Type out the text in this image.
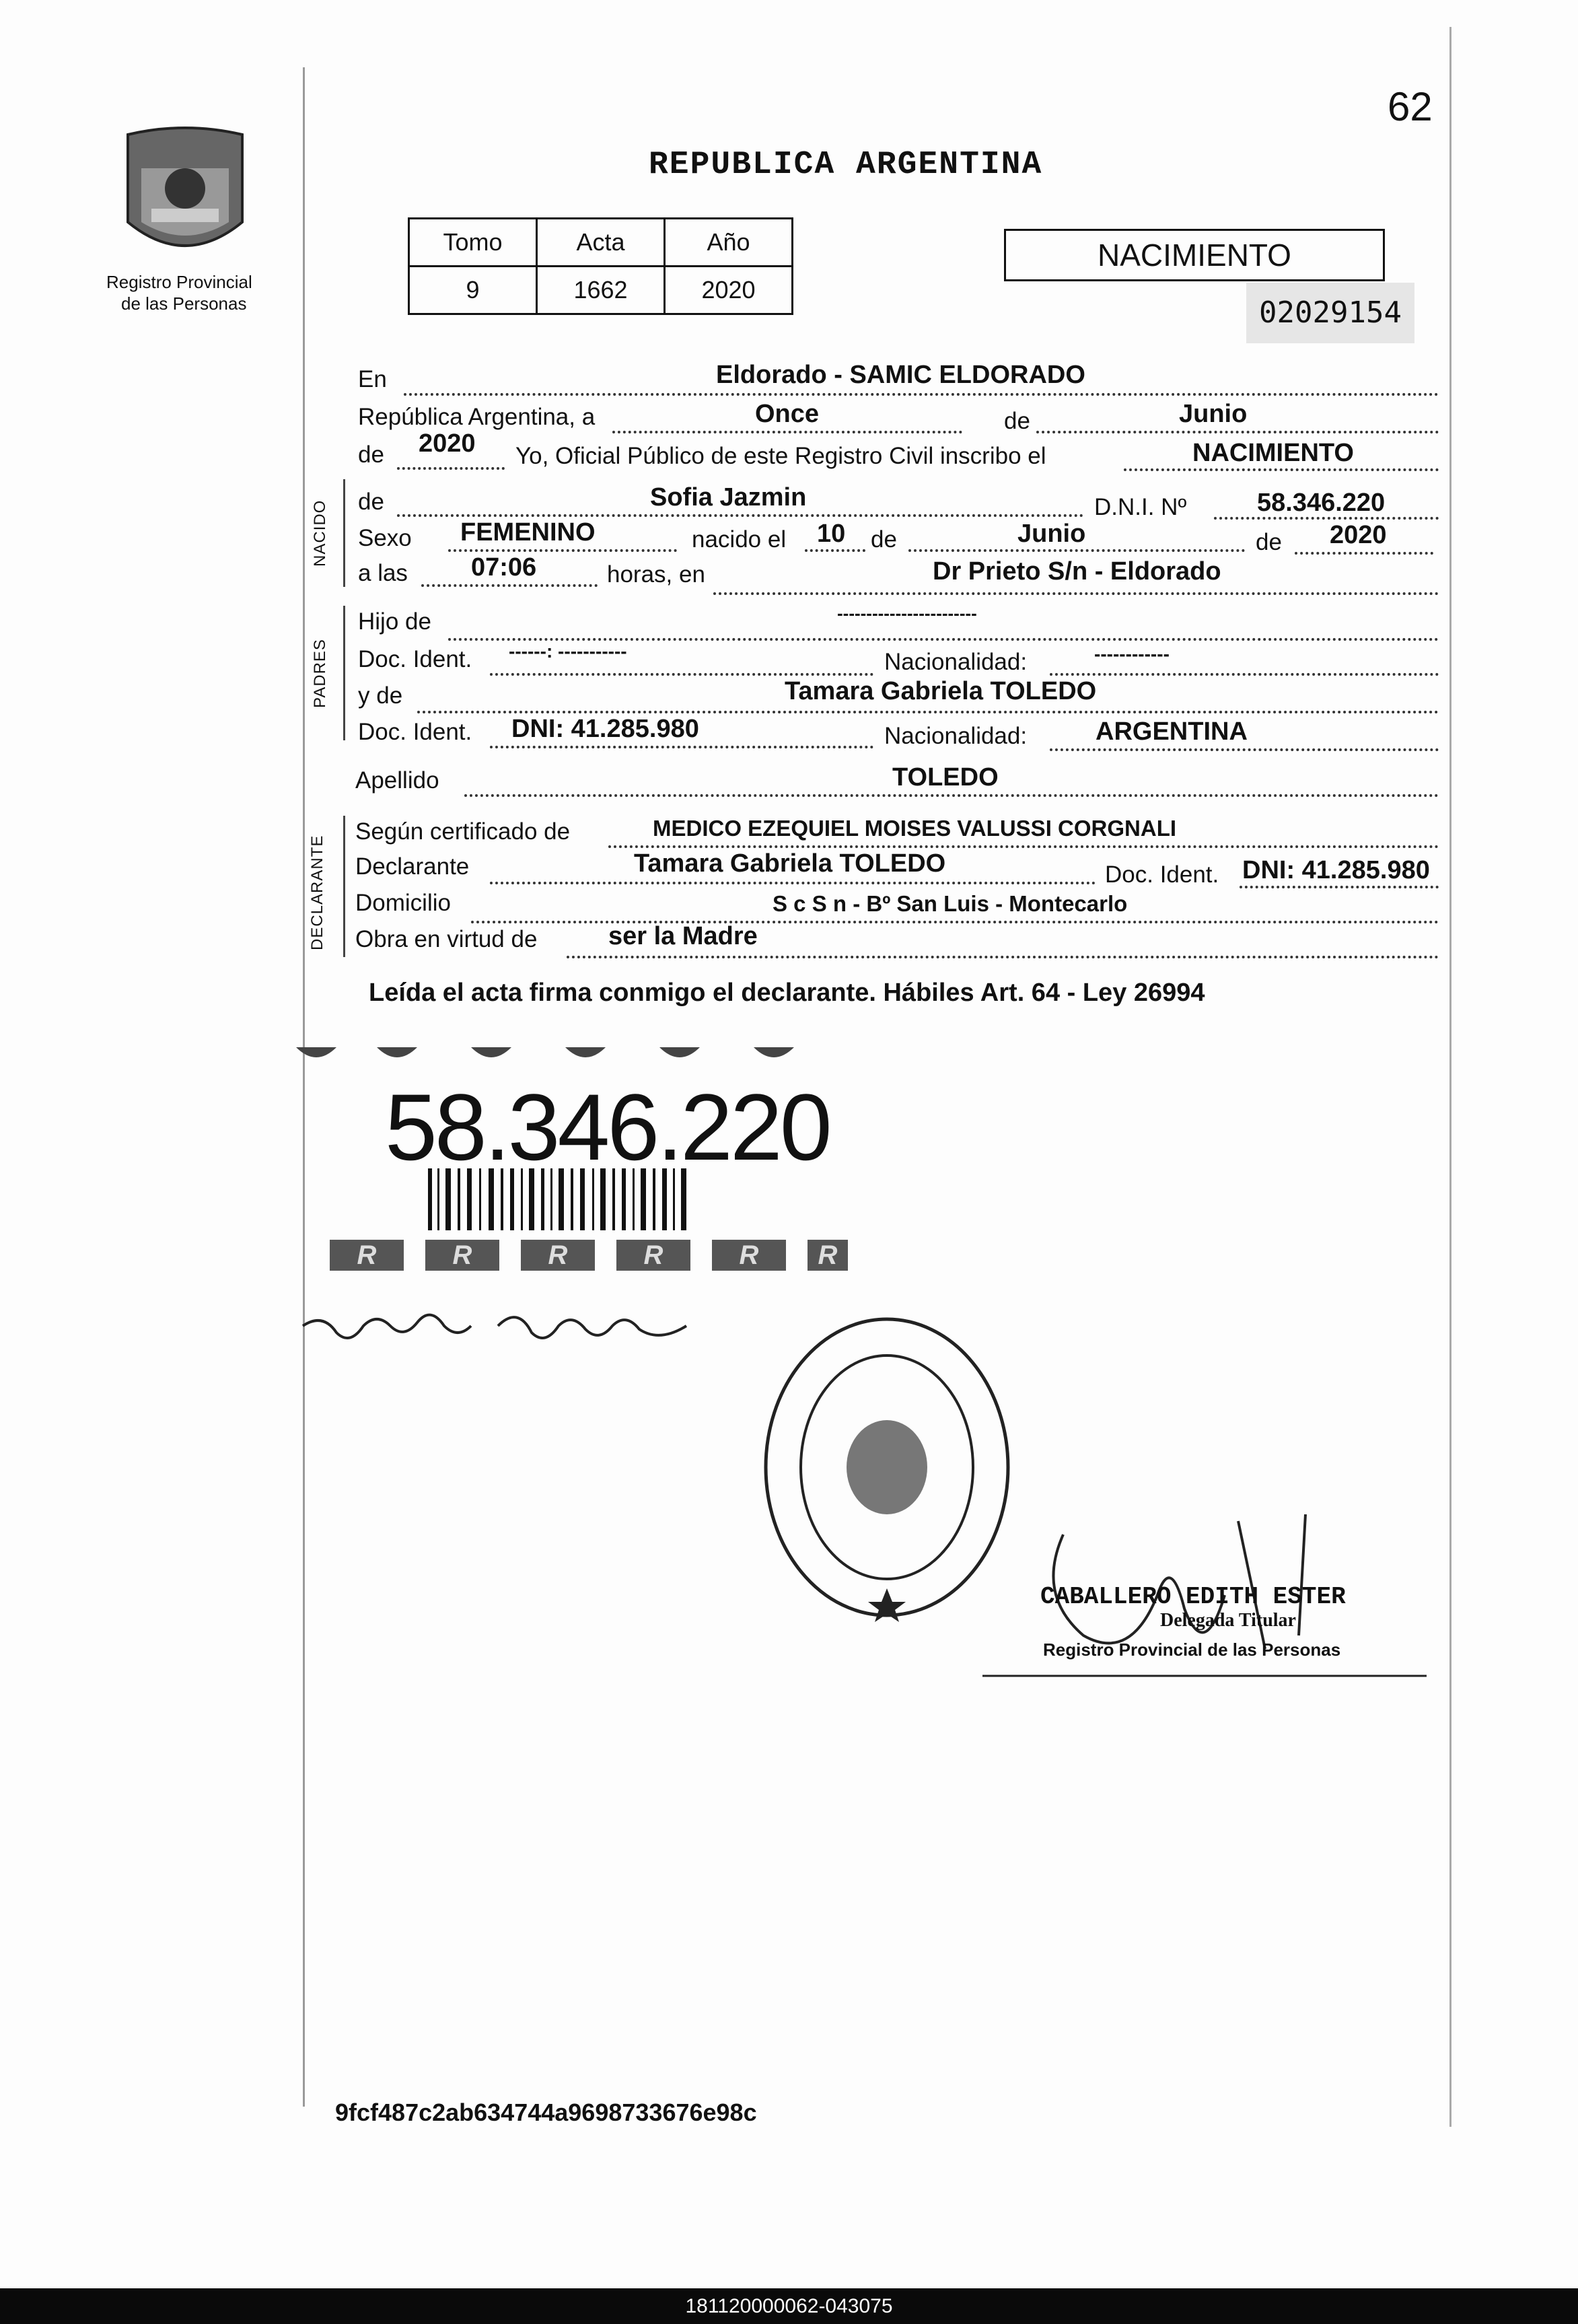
62
Registro Provincial
de las Personas
REPUBLICA ARGENTINA
Tomo	Acta	Año
9	1662	2020
NACIMIENTO
02029154
En	Eldorado - SAMIC ELDORADO
República Argentina, a	Once	de	Junio
de 2020 Yo, Oficial Público de este Registro Civil inscribo el	NACIMIENTO
NACIDO de	Sofia Jazmin	D.N.I. Nº	58.346.220
Sexo FEMENINO	nacido el 10 de	Junio	de 2020
a las 07:06	horas, en	Dr Prieto S/n - Eldorado
PADRES
Hijo de	------------------------
Doc. Ident. ------: -----------	Nacionalidad:	------------
y de	Tamara Gabriela TOLEDO
Doc. Ident. DNI: 41.285.980	Nacionalidad:	ARGENTINA
Apellido	TOLEDO
DECLARANTE
Según certificado de	MEDICO EZEQUIEL MOISES VALUSSI CORGNALI
Declarante	Tamara Gabriela TOLEDO	Doc. Ident. DNI: 41.285.980
Domicilio	S c S n - Bº San Luis - Montecarlo
Obra en virtud de	ser la Madre
Leída el acta firma conmigo el declarante. Hábiles Art. 64 - Ley 26994
58.346.220
R	R	R	R	R	R
CABALLERO EDITH ESTER
Delegada Titular
Registro Provincial de las Personas
9fcf487c2ab634744a9698733676e98c
181120000062-043075
